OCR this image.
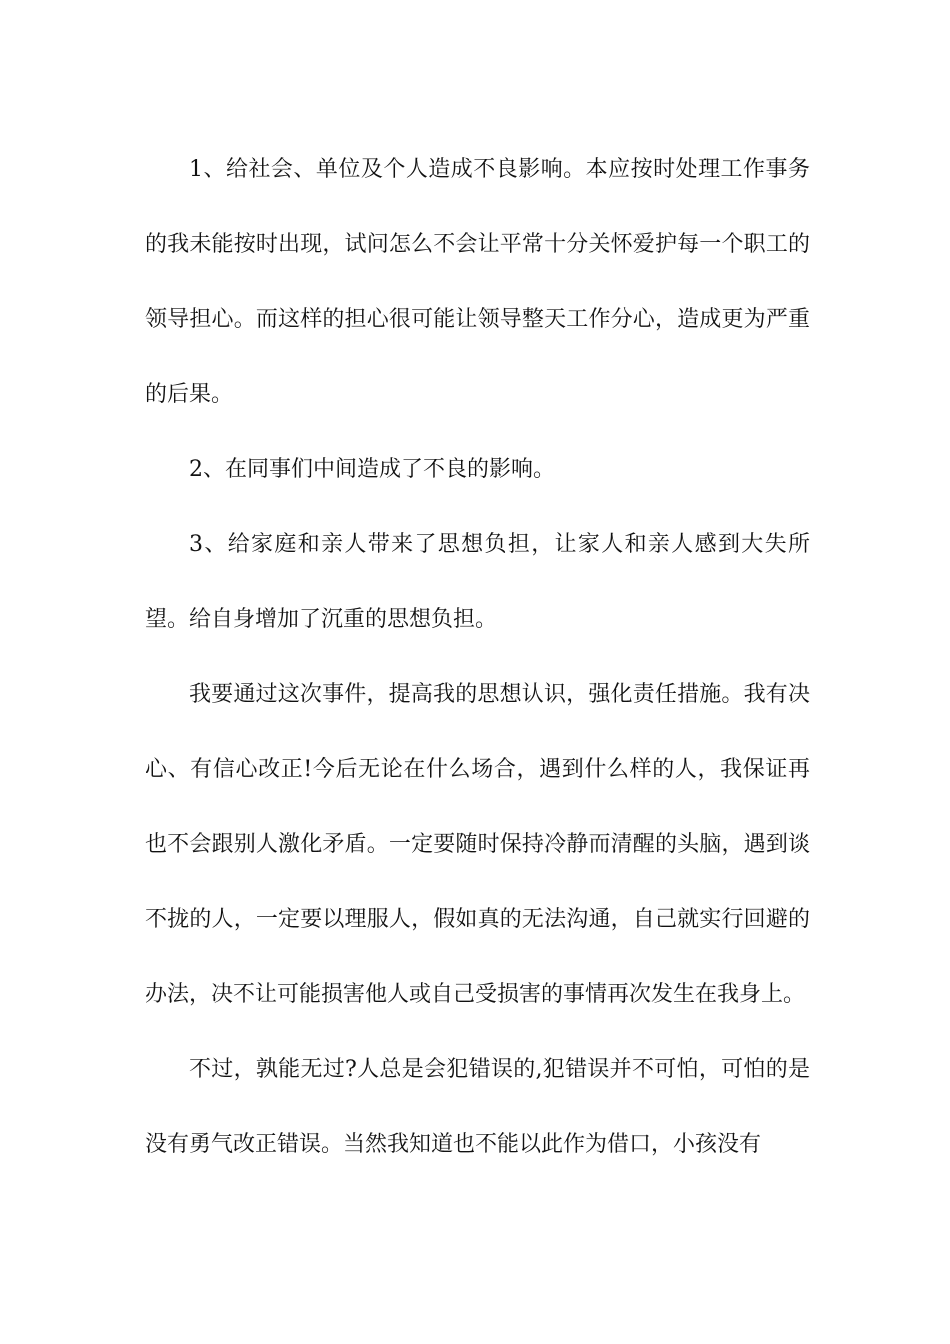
1、给社会、单位及个人造成不良影响。本应按时处理工作事务的我未能按时出现，试问怎么不会让平常十分关怀爱护每一个职工的领导担心。而这样的担心很可能让领导整天工作分心，造成更为严重的后果。

2、在同事们中间造成了不良的影响。

3、给家庭和亲人带来了思想负担，让家人和亲人感到大失所望。给自身增加了沉重的思想负担。

我要通过这次事件，提高我的思想认识，强化责任措施。我有决心、有信心改正!今后无论在什么场合，遇到什么样的人，我保证再也不会跟别人激化矛盾。一定要随时保持冷静而清醒的头脑，遇到谈不拢的人，一定要以理服人，假如真的无法沟通，自己就实行回避的办法，决不让可能损害他人或自己受损害的事情再次发生在我身上。

不过，孰能无过?人总是会犯错误的,犯错误并不可怕，可怕的是没有勇气改正错误。当然我知道也不能以此作为借口，小孩没有
